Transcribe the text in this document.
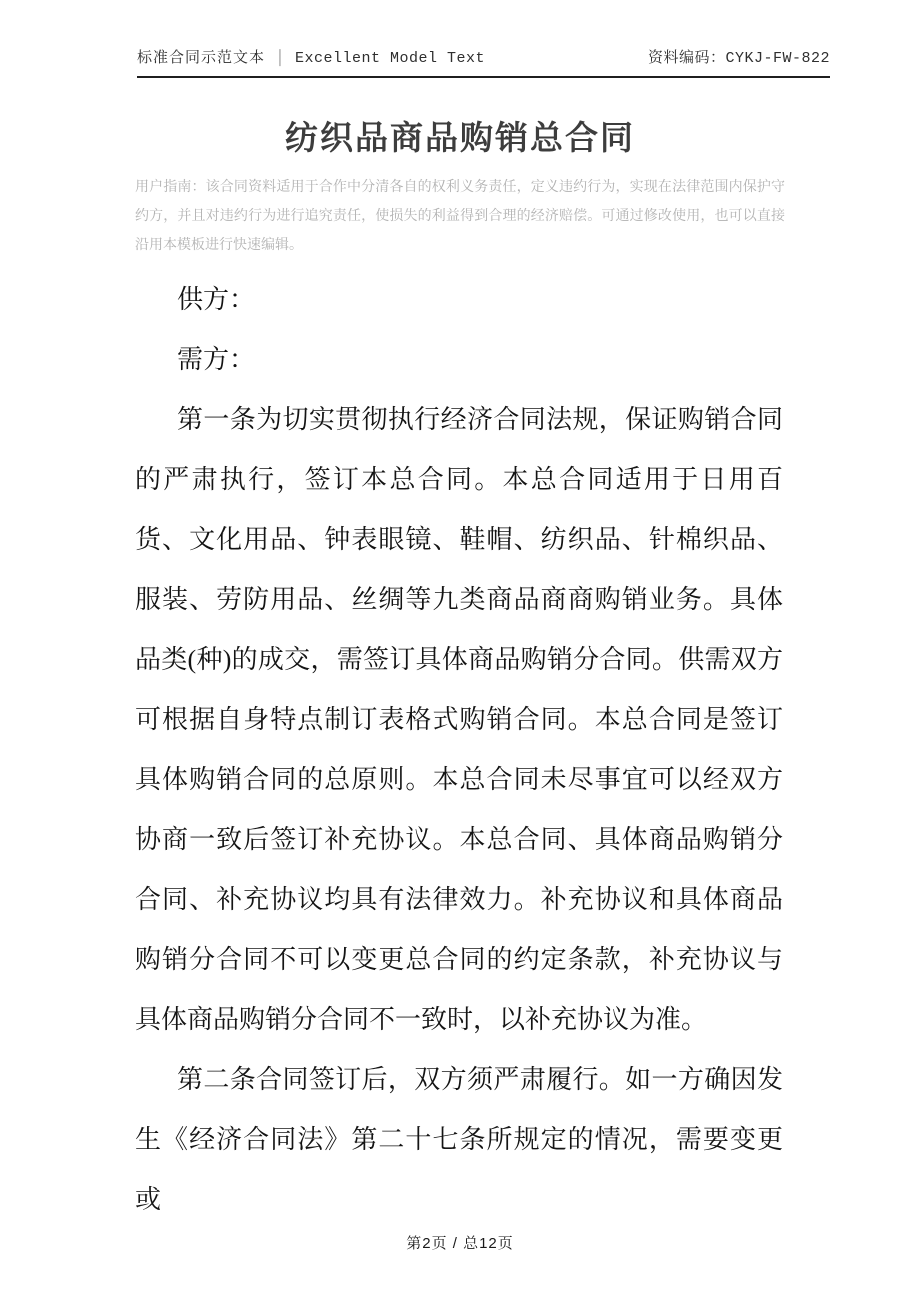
标准合同示范文本 │ Excellent Model Text	资料编码：CYKJ-FW-822
纺织品商品购销总合同
用户指南：该合同资料适用于合作中分清各自的权利义务责任，定义违约行为，实现在法律范围内保护守约方，并且对违约行为进行追究责任，使损失的利益得到合理的经济赔偿。可通过修改使用，也可以直接沿用本模板进行快速编辑。

供方：

需方：

第一条为切实贯彻执行经济合同法规，保证购销合同的严肃执行，签订本总合同。本总合同适用于日用百货、文化用品、钟表眼镜、鞋帽、纺织品、针棉织品、服装、劳防用品、丝绸等九类商品商商购销业务。具体品类(种)的成交，需签订具体商品购销分合同。供需双方可根据自身特点制订表格式购销合同。本总合同是签订具体购销合同的总原则。本总合同未尽事宜可以经双方协商一致后签订补充协议。本总合同、具体商品购销分合同、补充协议均具有法律效力。补充协议和具体商品购销分合同不可以变更总合同的约定条款，补充协议与具体商品购销分合同不一致时，以补充协议为准。

第二条合同签订后，双方须严肃履行。如一方确因发生《经济合同法》第二十七条所规定的情况，需要变更或

第2页 / 总12页
